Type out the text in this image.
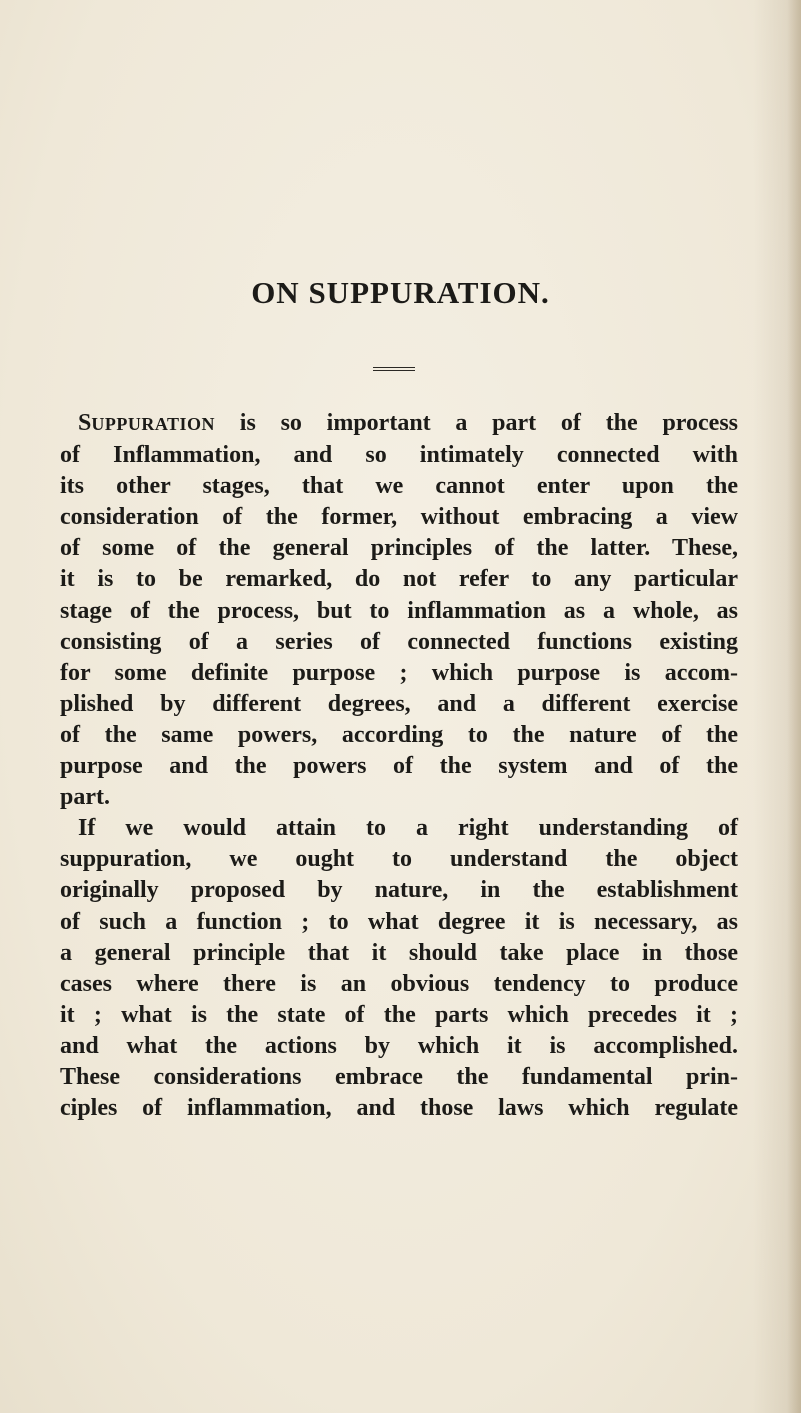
ON SUPPURATION.
SUPPURATION is so important a part of the process
of Inflammation, and so intimately connected with
its other stages, that we cannot enter upon the
consideration of the former, without embracing a view
of some of the general principles of the latter. These,
it is to be remarked, do not refer to any particular
stage of the process, but to inflammation as a whole, as
consisting of a series of connected functions existing
for some definite purpose ; which purpose is accom-
plished by different degrees, and a different exercise
of the same powers, according to the nature of the
purpose and the powers of the system and of the
part.
If we would attain to a right understanding of
suppuration, we ought to understand the object
originally proposed by nature, in the establishment
of such a function ; to what degree it is necessary, as
a general principle that it should take place in those
cases where there is an obvious tendency to produce
it ; what is the state of the parts which precedes it ;
and what the actions by which it is accomplished.
These considerations embrace the fundamental prin-
ciples of inflammation, and those laws which regulate
